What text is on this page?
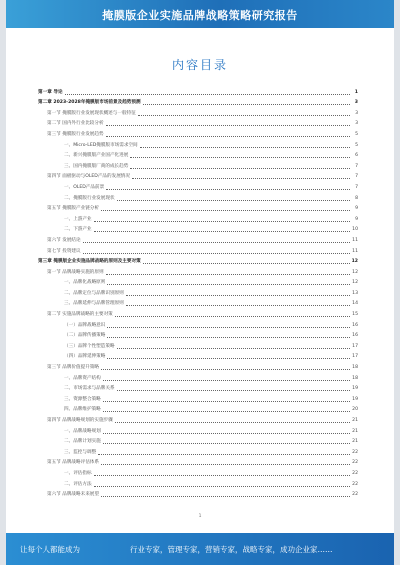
掩膜版企业实施品牌战略策略研究报告
内容目录
第一章 导论	1
第二章 2023-2028年掩膜版市场前景及趋势预测	3
第一节 掩膜版行业发展现状概述与一般特征	3
第二节 国内外行业比较分析	3
第三节 掩膜版行业发展趋势	5
一、Micro-LED掩膜版市场需求空间	5
二、新兴掩膜版产业国产化进展	6
三、国内掩膜版厂商的成长趋势	7
第四节 面板驱动与OLED产品的发展情况	7
一、OLED产品前景	7
二、掩膜版行业发展现状	8
第五节 掩膜版产业链分析	9
一、上游产业	9
二、下游产业	10
第六节 发展结论	11
第七节 投资建议	11
第三章 掩膜版企业实施品牌战略的原则及主要对策	12
第一节 品牌战略实施的原则	12
一、品牌化战略原则	12
二、品牌定位与品牌识别原则	13
三、品牌延伸与品牌管理原则	14
第二节 实施品牌战略的主要对策	15
（一）品牌战略意识	16
（二）品牌传播策略	16
（三）品牌个性塑造策略	17
（四）品牌延伸策略	17
第三节 品牌价值提升策略	18
一、品牌资产结构	18
二、市场需求与品牌关系	19
三、资源整合策略	19
四、品牌维护策略	20
第四节 品牌战略规划的实施步骤	21
一、品牌战略规划	21
二、品牌计划实施	21
三、监控与调整	22
第五节 品牌战略评估体系	22
一、评估指标	22
二、评估方法	22
第六节 品牌战略未来展望	22
1
让每个人都能成为	行业专家，管理专家，营销专家，战略专家，成功企业家……
